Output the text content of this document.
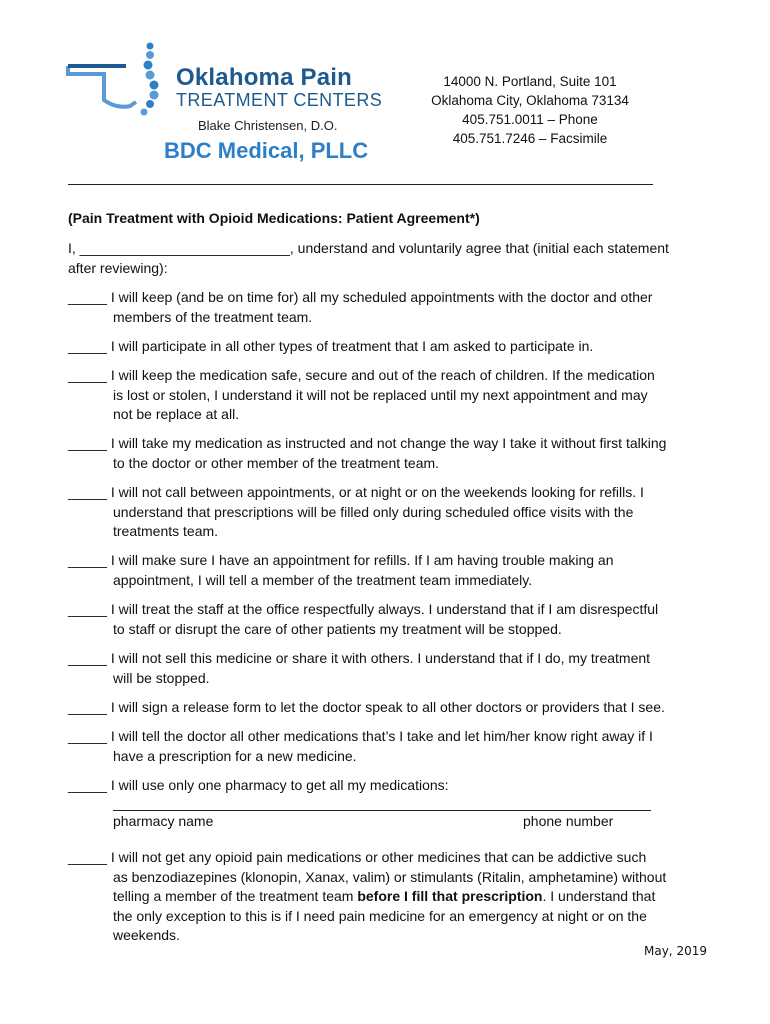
Oklahoma Pain
TREATMENT CENTERS
Blake Christensen, D.O.
BDC Medical, PLLC
14000 N. Portland, Suite 101
Oklahoma City, Oklahoma 73134
405.751.0011 – Phone
405.751.7246 – Facsimile
(Pain Treatment with Opioid Medications: Patient Agreement*)
I, ___________________________, understand and voluntarily agree that (initial each statement
after reviewing):
_____ I will keep (and be on time for) all my scheduled appointments with the doctor and other
members of the treatment team.
_____ I will participate in all other types of treatment that I am asked to participate in.
_____ I will keep the medication safe, secure and out of the reach of children. If the medication
is lost or stolen, I understand it will not be replaced until my next appointment and may
not be replace at all.
_____ I will take my medication as instructed and not change the way I take it without first talking
to the doctor or other member of the treatment team.
_____ I will not call between appointments, or at night or on the weekends looking for refills. I
understand that prescriptions will be filled only during scheduled office visits with the
treatments team.
_____ I will make sure I have an appointment for refills. If I am having trouble making an
appointment, I will tell a member of the treatment team immediately.
_____ I will treat the staff at the office respectfully always. I understand that if I am disrespectful
to staff or disrupt the care of other patients my treatment will be stopped.
_____ I will not sell this medicine or share it with others. I understand that if I do, my treatment
will be stopped.
_____ I will sign a release form to let the doctor speak to all other doctors or providers that I see.
_____ I will tell the doctor all other medications that’s I take and let him/her know right away if I
have a prescription for a new medicine.
_____ I will use only one pharmacy to get all my medications:
pharmacy name	phone number
_____ I will not get any opioid pain medications or other medicines that can be addictive such
as benzodiazepines (klonopin, Xanax, valim) or stimulants (Ritalin, amphetamine) without
telling a member of the treatment team before I fill that prescription. I understand that
the only exception to this is if I need pain medicine for an emergency at night or on the
weekends.
May, 2019
